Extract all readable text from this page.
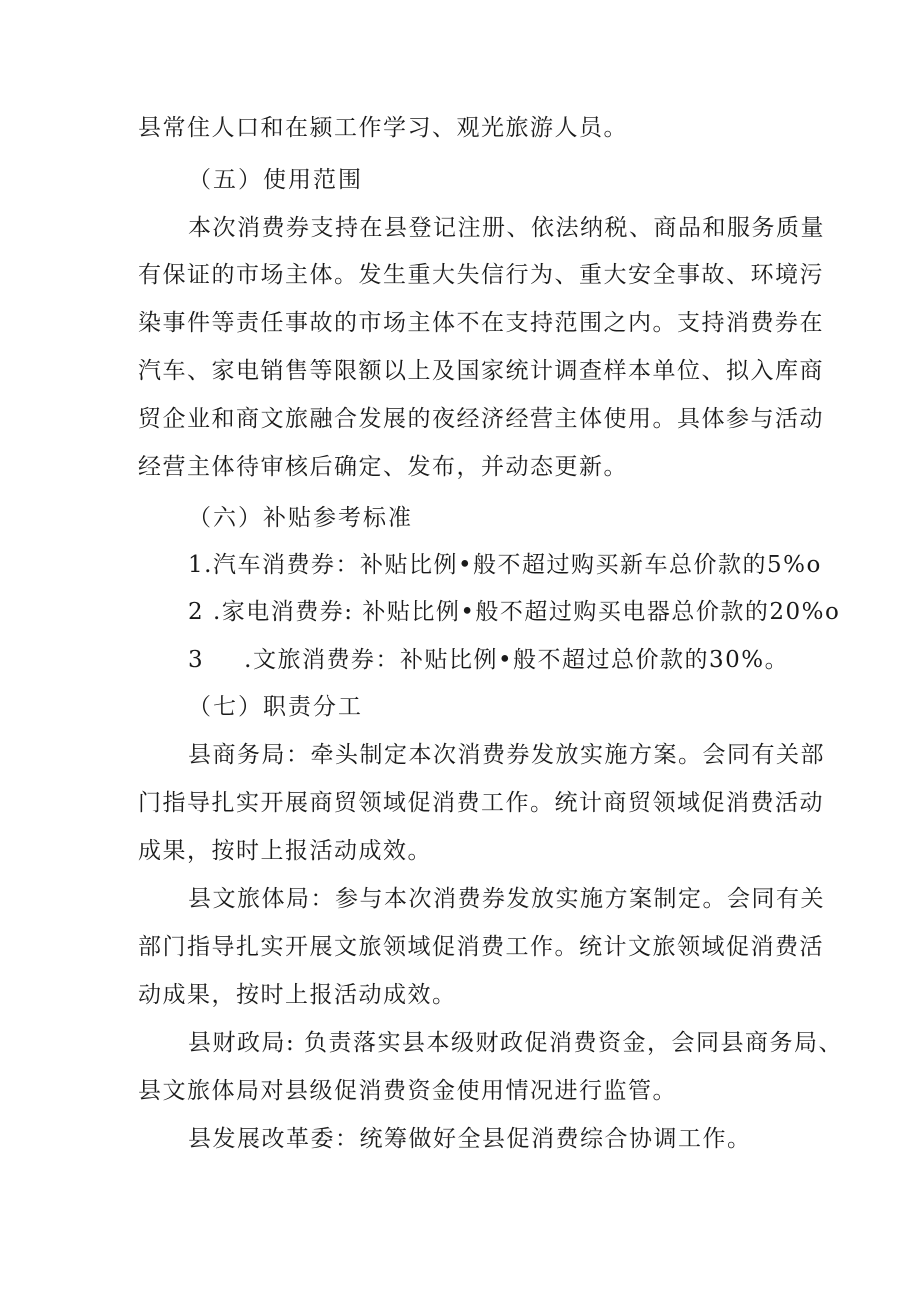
县常住人口和在颍工作学习、观光旅游人员。
（五）使用范围
本次消费券支持在县登记注册、依法纳税、商品和服务质量
有保证的市场主体。发生重大失信行为、重大安全事故、环境污
染事件等责任事故的市场主体不在支持范围之内。支持消费券在
汽车、家电销售等限额以上及国家统计调查样本单位、拟入库商
贸企业和商文旅融合发展的夜经济经营主体使用。具体参与活动
经营主体待审核后确定、发布，并动态更新。
（六）补贴参考标准
1.汽车消费券：补贴比例•般不超过购买新车总价款的5%o
2 .家电消费券: 补贴比例•般不超过购买电器总价款的20%o
3 .文旅消费券：补贴比例•般不超过总价款的30%。
（七）职责分工
县商务局：牵头制定本次消费券发放实施方案。会同有关部
门指导扎实开展商贸领域促消费工作。统计商贸领域促消费活动
成果，按时上报活动成效。
县文旅体局：参与本次消费券发放实施方案制定。会同有关
部门指导扎实开展文旅领域促消费工作。统计文旅领域促消费活
动成果，按时上报活动成效。
县财政局: 负责落实县本级财政促消费资金，会同县商务局、
县文旅体局对县级促消费资金使用情况进行监管。
县发展改革委：统筹做好全县促消费综合协调工作。
